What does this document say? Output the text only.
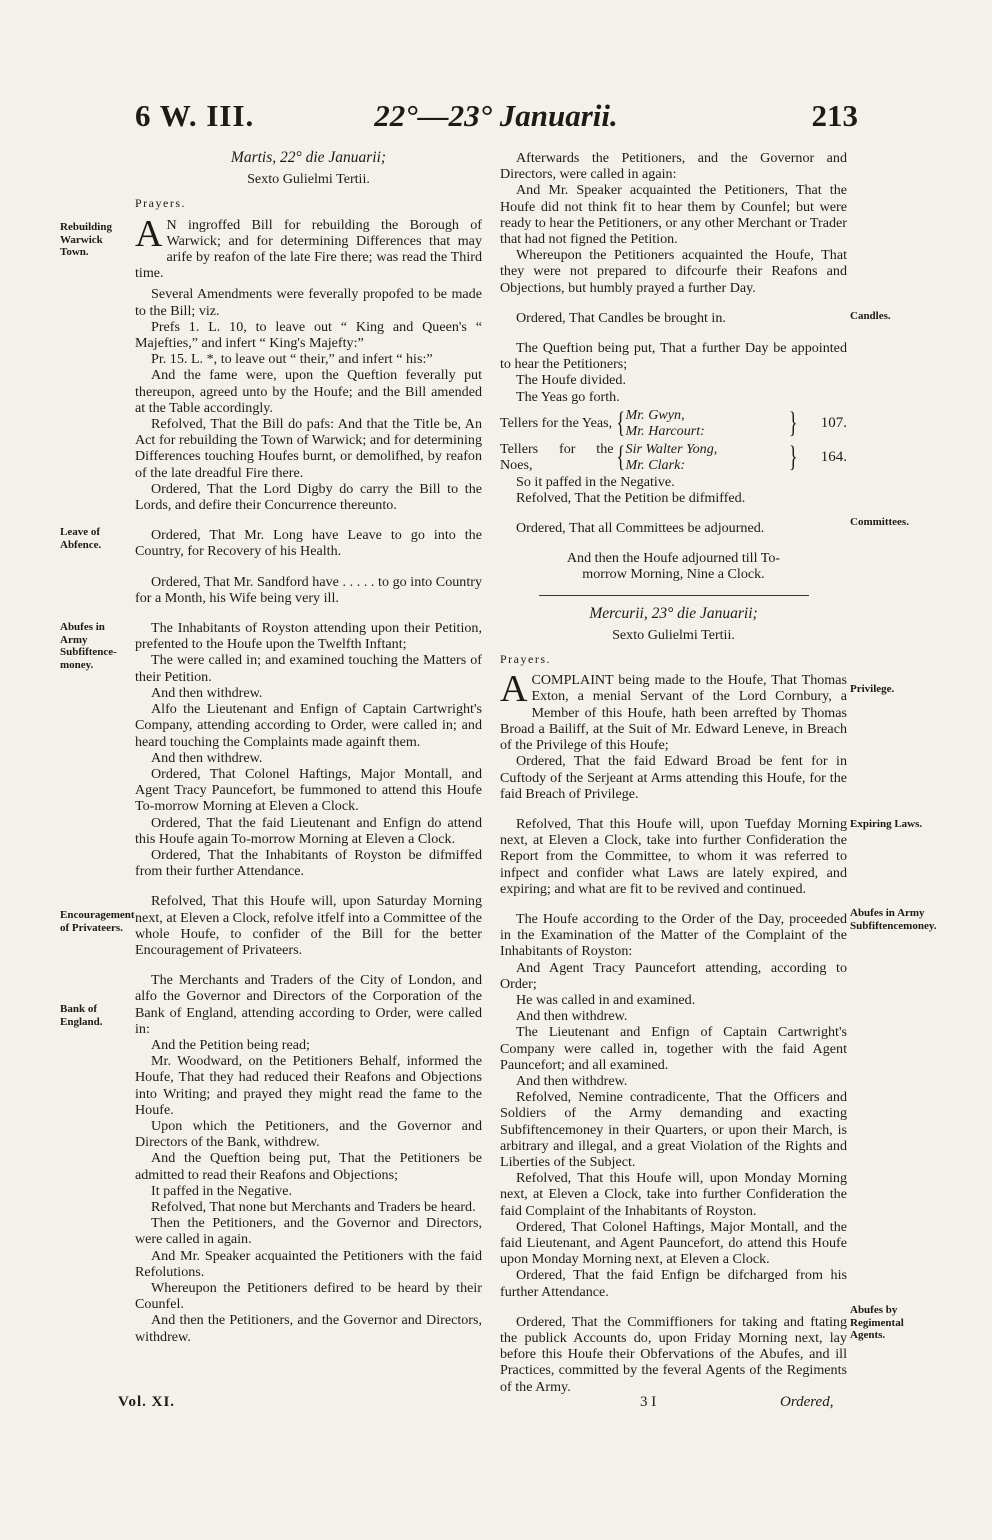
6 W. III.	22°—23° Januarii.	213
Rebuilding Warwick Town.
Leave of Abfence.
Abufes in Army Subfiftence-money.
Encouragement of Privateers.
Bank of England.
Candles.
Committees.
Privilege.
Expiring Laws.
Abufes in Army Subfiftencemoney.
Abufes by Regimental Agents.

Martis, 22° die Januarii;

Sexto Gulielmi Tertii.

Prayers.

A N ingroffed Bill for rebuilding the Borough of Warwick; and for determining Differences that may arife by reafon of the late Fire there; was read the Third time.

Several Amendments were feverally propofed to be made to the Bill; viz.

Prefs 1. L. 10, to leave out “ King and Queen's “ Majefties,” and infert “ King's Majefty:”

Pr. 15. L. *, to leave out “ their,” and infert “ his:”

And the fame were, upon the Queftion feverally put thereupon, agreed unto by the Houfe; and the Bill amended at the Table accordingly.

Refolved, That the Bill do pafs: And that the Title be, An Act for rebuilding the Town of Warwick; and for determining Differences touching Houfes burnt, or demolifhed, by reafon of the late dreadful Fire there.

Ordered, That the Lord Digby do carry the Bill to the Lords, and defire their Concurrence thereunto.

Ordered, That Mr. Long have Leave to go into the Country, for Recovery of his Health.

Ordered, That Mr. Sandford have . . . . . to go into Country for a Month, his Wife being very ill.

The Inhabitants of Royston attending upon their Petition, prefented to the Houfe upon the Twelfth Inftant;

The were called in; and examined touching the Matters of their Petition.

And then withdrew.

Alfo the Lieutenant and Enfign of Captain Cartwright's Company, attending according to Order, were called in; and heard touching the Complaints made againft them.

And then withdrew.

Ordered, That Colonel Haftings, Major Montall, and Agent Tracy Pauncefort, be fummoned to attend this Houfe To-morrow Morning at Eleven a Clock.

Ordered, That the faid Lieutenant and Enfign do attend this Houfe again To-morrow Morning at Eleven a Clock.

Ordered, That the Inhabitants of Royston be difmiffed from their further Attendance.

Refolved, That this Houfe will, upon Saturday Morning next, at Eleven a Clock, refolve itfelf into a Committee of the whole Houfe, to confider of the Bill for the better Encouragement of Privateers.

The Merchants and Traders of the City of London, and alfo the Governor and Directors of the Corporation of the Bank of England, attending according to Order, were called in:

And the Petition being read;

Mr. Woodward, on the Petitioners Behalf, informed the Houfe, That they had reduced their Reafons and Objections into Writing; and prayed they might read the fame to the Houfe.

Upon which the Petitioners, and the Governor and Directors of the Bank, withdrew.

And the Queftion being put, That the Petitioners be admitted to read their Reafons and Objections;

It paffed in the Negative.

Refolved, That none but Merchants and Traders be heard.

Then the Petitioners, and the Governor and Directors, were called in again.

And Mr. Speaker acquainted the Petitioners with the faid Refolutions.

Whereupon the Petitioners defired to be heard by their Counfel.

And then the Petitioners, and the Governor and Directors, withdrew.

Afterwards the Petitioners, and the Governor and Directors, were called in again:

And Mr. Speaker acquainted the Petitioners, That the Houfe did not think fit to hear them by Counfel; but were ready to hear the Petitioners, or any other Merchant or Trader that had not figned the Petition.

Whereupon the Petitioners acquainted the Houfe, That they were not prepared to difcourfe their Reafons and Objections, but humbly prayed a further Day.

Ordered, That Candles be brought in.

The Queftion being put, That a further Day be appointed to hear the Petitioners;

The Houfe divided.

The Yeas go forth.

Tellers for the Yeas, { Mr. Gwyn,
Mr. Harcourt:	} 107.
Tellers for the Noes,	{ Sir Walter Yong,
Mr. Clark:	} 164.

So it paffed in the Negative.

Refolved, That the Petition be difmiffed.

Ordered, That all Committees be adjourned.

And then the Houfe adjourned till To-morrow Morning, Nine a Clock.

Mercurii, 23° die Januarii;

Sexto Gulielmi Tertii.

Prayers.

ACOMPLAINT being made to the Houfe, That Thomas Exton, a menial Servant of the Lord Cornbury, a Member of this Houfe, hath been arrefted by Thomas Broad a Bailiff, at the Suit of Mr. Edward Leneve, in Breach of the Privilege of this Houfe;

Ordered, That the faid Edward Broad be fent for in Cuftody of the Serjeant at Arms attending this Houfe, for the faid Breach of Privilege.

Refolved, That this Houfe will, upon Tuefday Morning next, at Eleven a Clock, take into further Confideration the Report from the Committee, to whom it was referred to infpect and confider what Laws are lately expired, and expiring; and what are fit to be revived and continued.

The Houfe according to the Order of the Day, proceeded in the Examination of the Matter of the Complaint of the Inhabitants of Royston:

And Agent Tracy Pauncefort attending, according to Order;

He was called in and examined.

And then withdrew.

The Lieutenant and Enfign of Captain Cartwright's Company were called in, together with the faid Agent Pauncefort; and all examined.

And then withdrew.

Refolved, Nemine contradicente, That the Officers and Soldiers of the Army demanding and exacting Subfiftencemoney in their Quarters, or upon their March, is arbitrary and illegal, and a great Violation of the Rights and Liberties of the Subject.

Refolved, That this Houfe will, upon Monday Morning next, at Eleven a Clock, take into further Confideration the faid Complaint of the Inhabitants of Royston.

Ordered, That Colonel Haftings, Major Montall, and the faid Lieutenant, and Agent Pauncefort, do attend this Houfe upon Monday Morning next, at Eleven a Clock.

Ordered, That the faid Enfign be difcharged from his further Attendance.

Ordered, That the Commiffioners for taking and ftating the publick Accounts do, upon Friday Morning next, lay before this Houfe their Obfervations of the Abufes, and ill Practices, committed by the feveral Agents of the Regiments of the Army.

Vol. XI.	3 I	Ordered,
